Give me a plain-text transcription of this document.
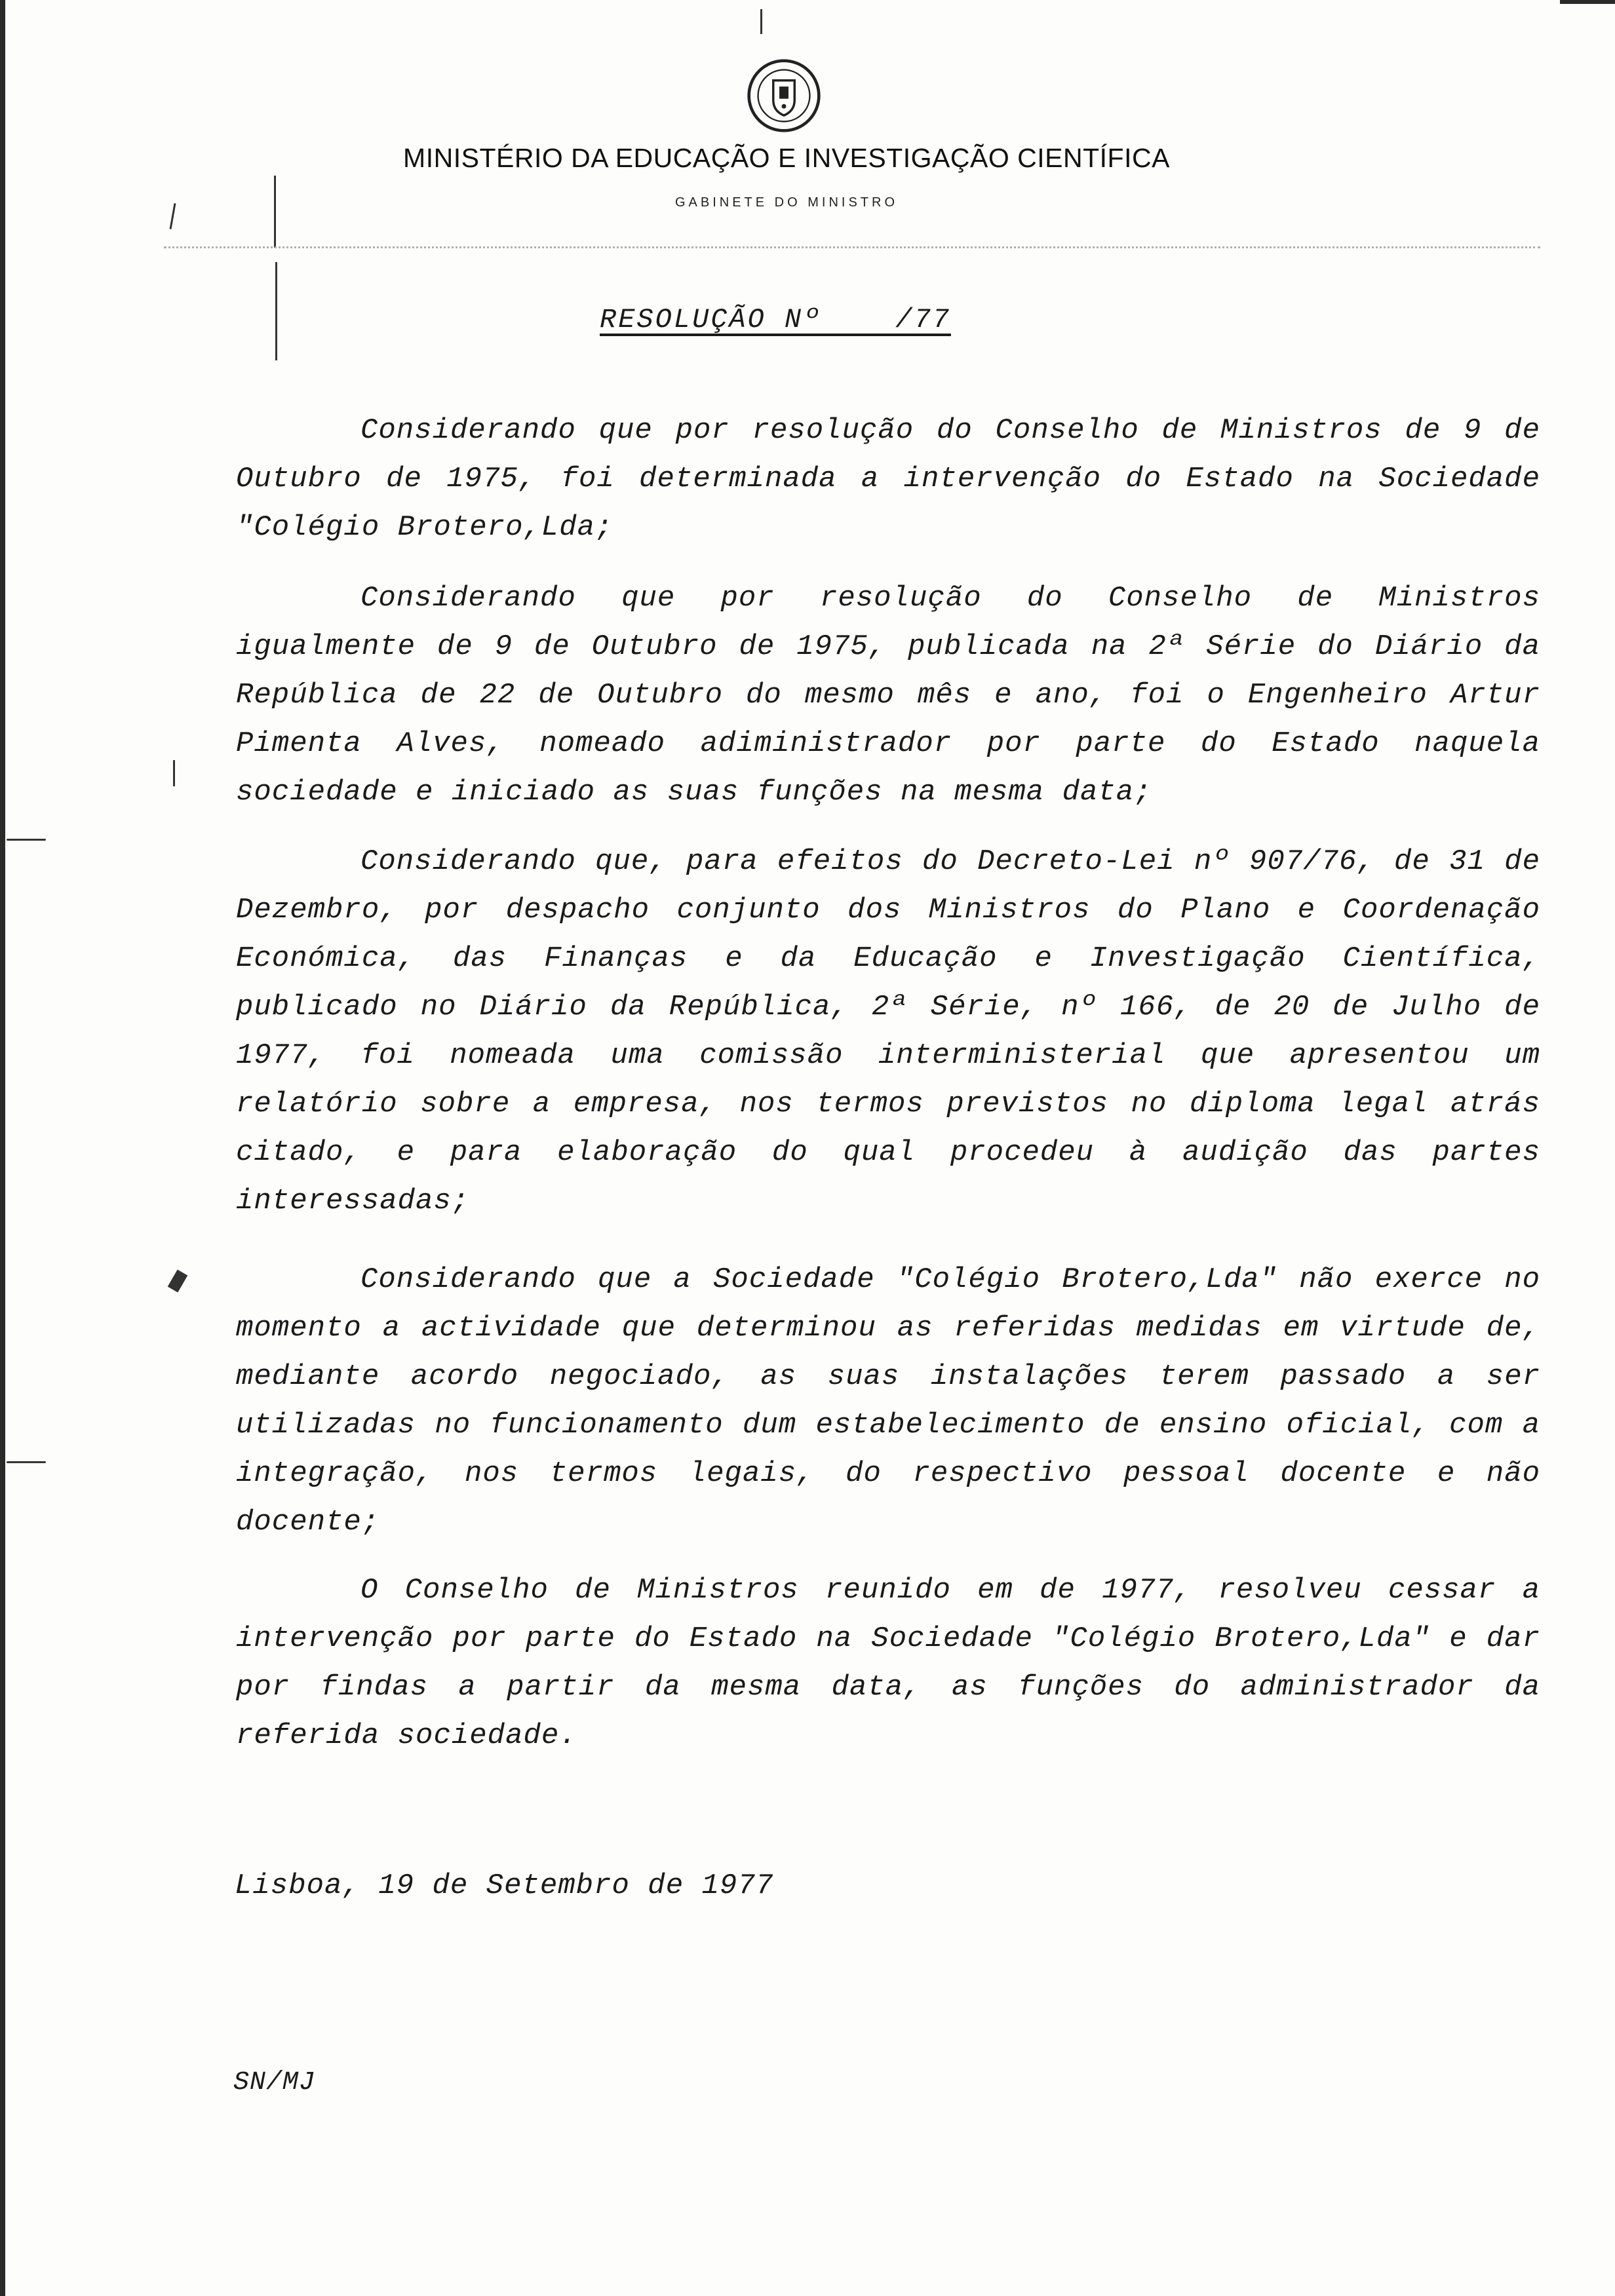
MINISTÉRIO DA EDUCAÇÃO E INVESTIGAÇÃO CIENTÍFICA
GABINETE DO MINISTRO
RESOLUÇÃO Nº    /77

Considerando que por resolução do Conselho de Ministros de 9 de Outubro de 1975, foi determinada a intervenção do Estado na Sociedade "Colégio Brotero,Lda;

Considerando que por resolução do Conselho de Ministros igualmente de 9 de Outubro de 1975, publicada na 2ª Série do Diário da República de 22 de Outubro do mesmo mês e ano, foi o Engenheiro Artur Pimenta Alves, nomeado adiministrador por parte do Estado naquela sociedade e iniciado as suas funções na mesma data;

Considerando que, para efeitos do Decreto-Lei nº 907/76, de 31 de Dezembro, por despacho conjunto dos Ministros do Plano e Coordenação Económica, das Finanças e da Educação e Investigação Científica, publicado no Diário da República, 2ª Série, nº 166, de 20 de Julho de 1977, foi nomeada uma comissão interministerial que apresentou um relatório sobre a empresa, nos termos previstos no diploma legal atrás citado, e para elaboração do qual procedeu à audição das partes interessadas;

Considerando que a Sociedade "Colégio Brotero,Lda" não exerce no momento a actividade que determinou as referidas medidas em virtude de, mediante acordo negociado, as suas instalações terem passado a ser utilizadas no funcionamento dum estabelecimento de ensino oficial, com a integração, nos termos legais, do respectivo pessoal docente e não docente;

O Conselho de Ministros reunido em de 1977, resolveu cessar a intervenção por parte do Estado na Sociedade "Colégio Brotero,Lda" e dar por findas a partir da mesma data, as funções do administrador da referida sociedade.

Lisboa, 19 de Setembro de 1977
SN/MJ
